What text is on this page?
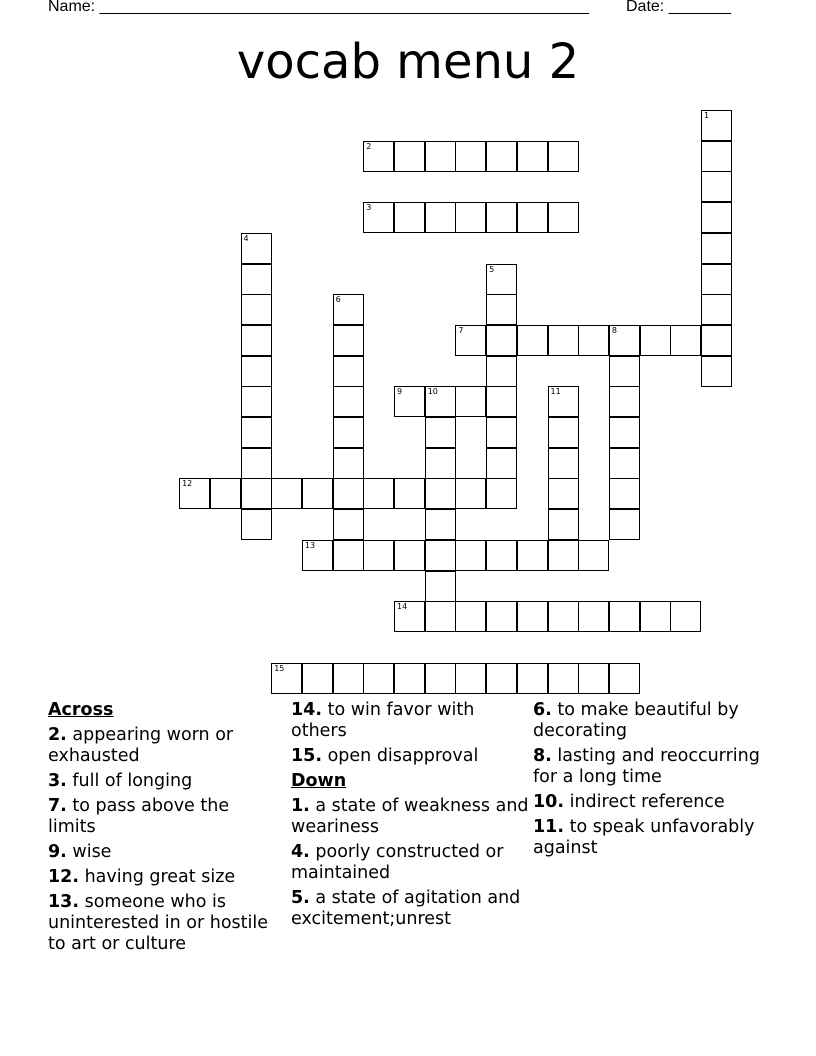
Name: _______________________________________________________ Date: _______
vocab menu 2
1
2
3
4
5
6
7	8
9	10	11
12
13
14
15
Across
2. appearing worn or exhausted
3. full of longing
7. to pass above the limits
9. wise
12. having great size
13. someone who is uninterested in or hostile to art or culture
14. to win favor with others
15. open disapproval
Down
1. a state of weakness and weariness
4. poorly constructed or maintained
5. a state of agitation and excitement;unrest
6. to make beautiful by decorating
8. lasting and reoccurring for a long time
10. indirect reference
11. to speak unfavorably against
